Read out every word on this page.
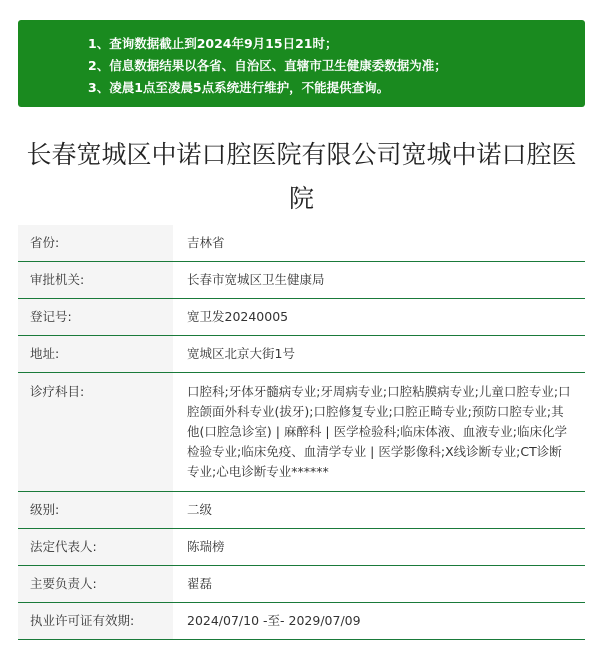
1、查询数据截止到2024年9月15日21时；
2、信息数据结果以各省、自治区、直辖市卫生健康委数据为准；
3、凌晨1点至凌晨5点系统进行维护，不能提供查询。
长春宽城区中诺口腔医院有限公司宽城中诺口腔医院
省份:	吉林省
审批机关:	长春市宽城区卫生健康局
登记号:	宽卫发20240005
地址:	宽城区北京大街1号
诊疗科目:	口腔科;牙体牙髓病专业;牙周病专业;口腔粘膜病专业;儿童口腔专业;口腔颌面外科专业(拔牙);口腔修复专业;口腔正畸专业;预防口腔专业;其他(口腔急诊室) | 麻醉科 | 医学检验科;临床体液、血液专业;临床化学检验专业;临床免疫、血清学专业 | 医学影像科;X线诊断专业;CT诊断专业;心电诊断专业******
级别:	二级
法定代表人:	陈瑞榜
主要负责人:	翟磊
执业许可证有效期:	2024/07/10 -至- 2029/07/09
